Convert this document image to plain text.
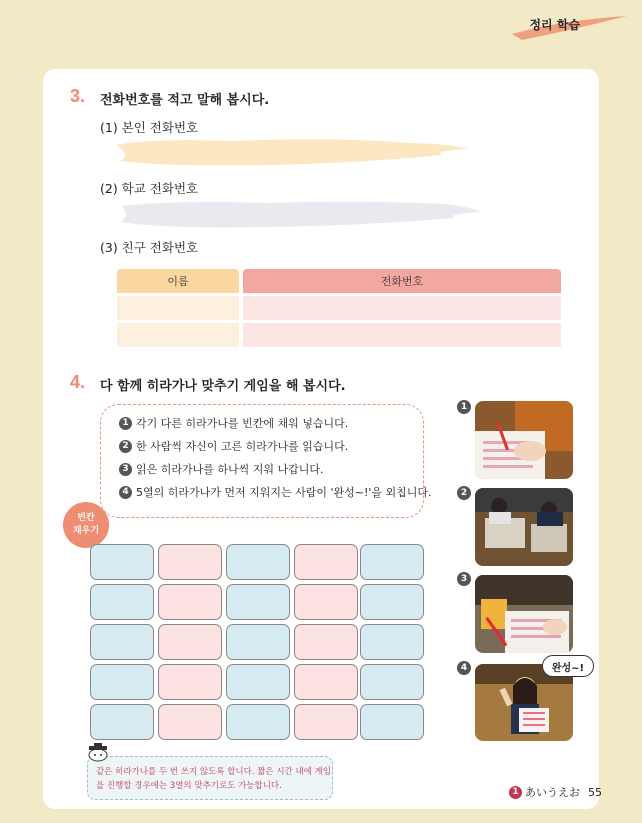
정리 학습
3. 전화번호를 적고 말해 봅시다.
(1) 본인 전화번호
(2) 학교 전화번호
(3) 친구 전화번호
이름	전화번호
4. 다 함께 히라가나 맞추기 게임을 해 봅시다.
1 각기 다른 히라가나를 빈칸에 채워 넣습니다.
2 한 사람씩 자신이 고른 히라가나를 읽습니다.
3 읽은 히라가나를 하나씩 지워 나갑니다.
4 5열의 히라가나가 먼저 지워지는 사람이 '완성~!'을 외칩니다.
빈칸
채우기
1
2
3
4	완성~!
같은 히라가나를 두 번 쓰지 않도록 합니다. 짧은 시간 내에 게임을 진행할 경우에는 3열의 맞추기로도 가능합니다.
1 あいうえお 55
